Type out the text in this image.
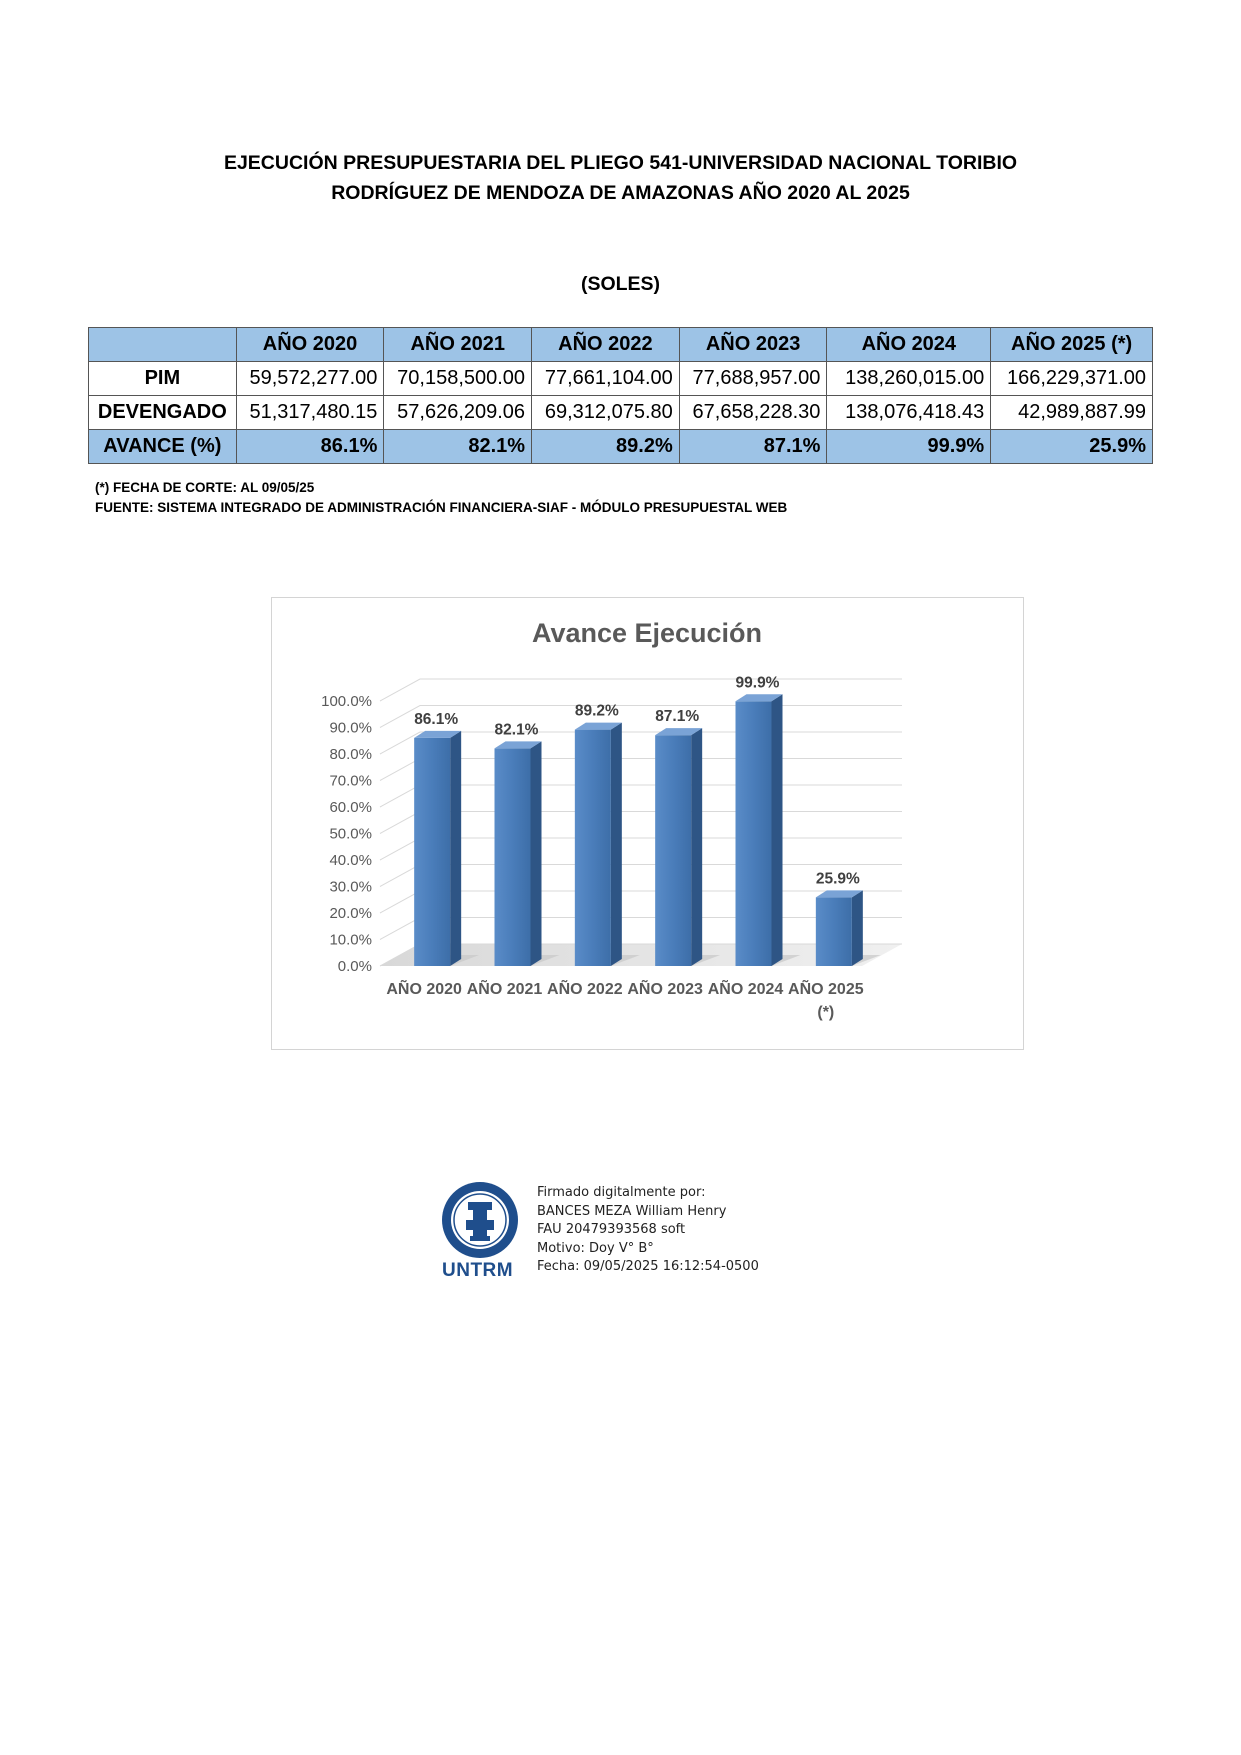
EJECUCIÓN PRESUPUESTARIA DEL PLIEGO 541-UNIVERSIDAD NACIONAL TORIBIO
RODRÍGUEZ DE MENDOZA DE AMAZONAS AÑO 2020 AL 2025
(SOLES)
	AÑO 2020	AÑO 2021	AÑO 2022	AÑO 2023	AÑO 2024	AÑO 2025 (*)
PIM	59,572,277.00	70,158,500.00	77,661,104.00	77,688,957.00	138,260,015.00	166,229,371.00
DEVENGADO	51,317,480.15	57,626,209.06	69,312,075.80	67,658,228.30	138,076,418.43	42,989,887.99
AVANCE (%)	86.1%	82.1%	89.2%	87.1%	99.9%	25.9%
(*) FECHA DE CORTE: AL 09/05/25
FUENTE: SISTEMA INTEGRADO DE ADMINISTRACIÓN FINANCIERA-SIAF - MÓDULO PRESUPUESTAL WEB
Avance Ejecución
0.0%
10.0%
20.0%
30.0%
40.0%
50.0%
60.0%
70.0%
80.0%
90.0%
100.0%
86.1%
82.1%
89.2% 87.1%
99.9%
25.9%
AÑO 2020 AÑO 2021 AÑO 2022 AÑO 2023 AÑO 2024 AÑO 2025 (*)
UNTRM
Firmado digitalmente por:
BANCES MEZA William Henry
FAU 20479393568 soft
Motivo: Doy V° B°
Fecha: 09/05/2025 16:12:54-0500
